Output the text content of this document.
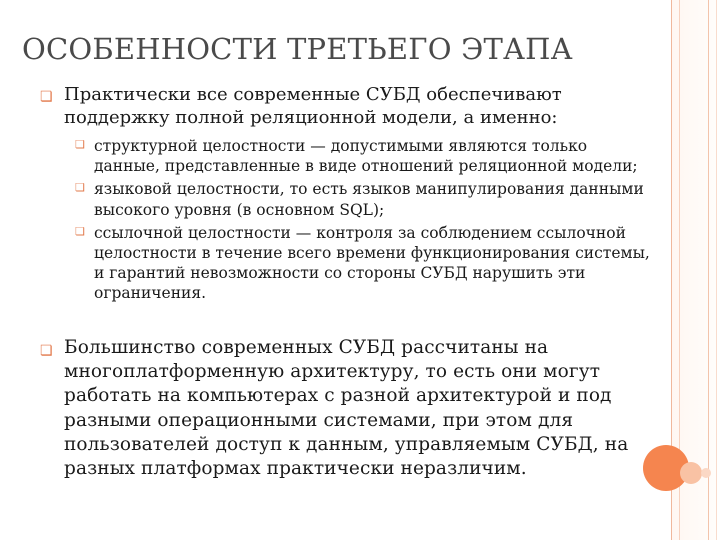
ОСОБЕННОСТИ ТРЕТЬЕГО ЭТАПА
❏ Практически все современные СУБД обеспечивают поддержку полной реляционной модели, а именно:

❏ структурной целостности — допустимыми являются только данные, представленные в виде отношений реляционной модели;
❏ языковой целостности, то есть языков манипулирования данными высокого уровня (в основном SQL);
❏ ссылочной целостности — контроля за соблюдением ссылочной целостности в течение всего времени функционирования системы, и гарантий невозможности со стороны СУБД нарушить эти ограничения.
❏ Большинство современных СУБД рассчитаны на многоплатформенную архитектуру, то есть они могут работать на компьютерах с разной архитектурой и под разными операционными системами, при этом для пользователей доступ к данным, управляемым СУБД, на разных платформах практически неразличим.
